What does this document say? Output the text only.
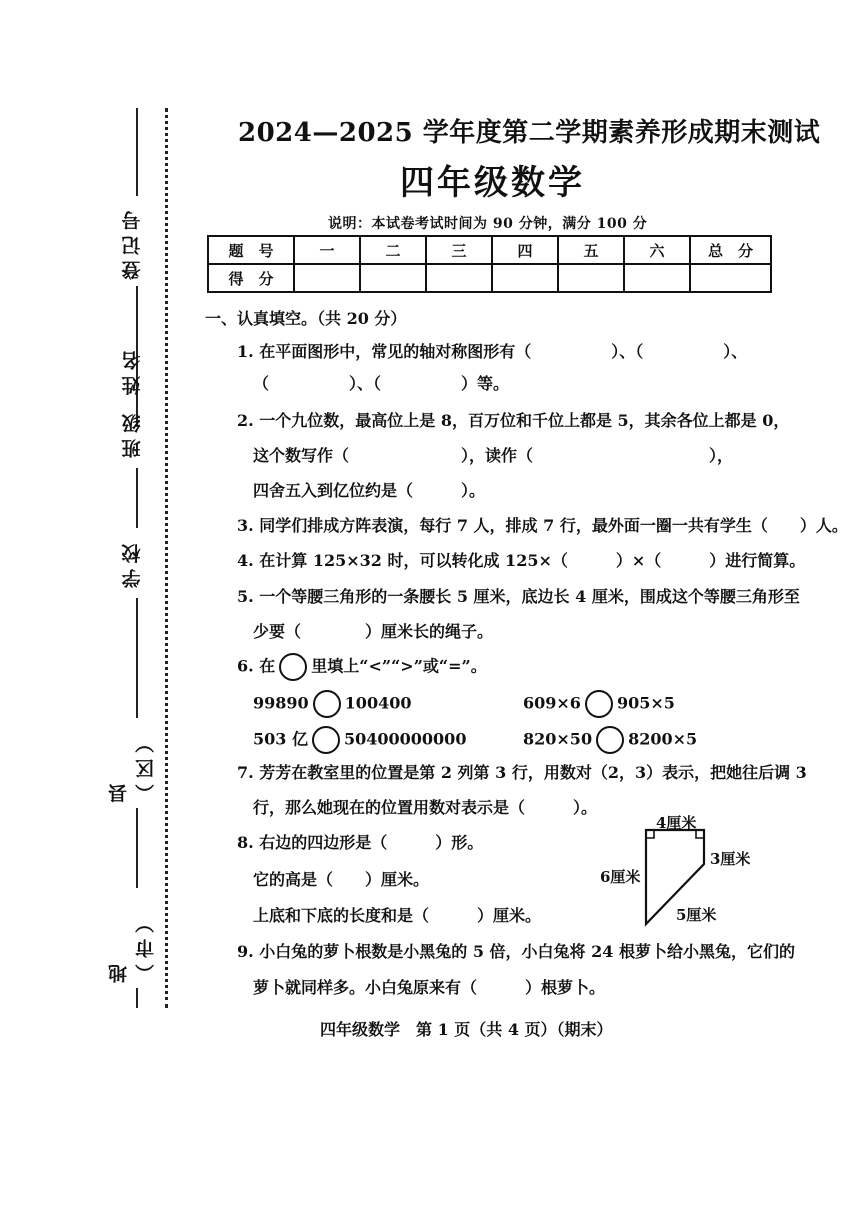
登记号
姓名
班级
学校
县（区）
地（市）
2024—2025 学年度第二学期素养形成期末测试
四年级数学
说明：本试卷考试时间为 90 分钟，满分 100 分
题　号	一	二	三	四	五	六	总　分
得　分							
一、认真填空。（共 20 分）
1. 在平面图形中，常见的轴对称图形有（　　　　　）、（　　　　　）、
（　　　　　）、（　　　　　）等。
2. 一个九位数，最高位上是 8，百万位和千位上都是 5，其余各位上都是 0，
这个数写作（　　　　　　　），读作（　　　　　　　　　　　），
四舍五入到亿位约是（　　　）。
3. 同学们排成方阵表演，每行 7 人，排成 7 行，最外面一圈一共有学生（　　）人。
4. 在计算 125×32 时，可以转化成 125×（　　　）×（　　　）进行简算。
5. 一个等腰三角形的一条腰长 5 厘米，底边长 4 厘米，围成这个等腰三角形至
少要（　　　　）厘米长的绳子。
6. 在 里填上“<”“>”或“=”。
99890 100400	609×6 905×5
503 亿 50400000000	820×50 8200×5
7. 芳芳在教室里的位置是第 2 列第 3 行，用数对（2，3）表示，把她往后调 3
行，那么她现在的位置用数对表示是（　　　）。
8. 右边的四边形是（　　　）形。
它的高是（　　）厘米。
上底和下底的长度和是（　　　）厘米。
4厘米
6厘米
3厘米
5厘米
9. 小白兔的萝卜根数是小黑兔的 5 倍，小白兔将 24 根萝卜给小黑兔，它们的
萝卜就同样多。小白兔原来有（　　　）根萝卜。
四年级数学　第 1 页（共 4 页）（期末）
